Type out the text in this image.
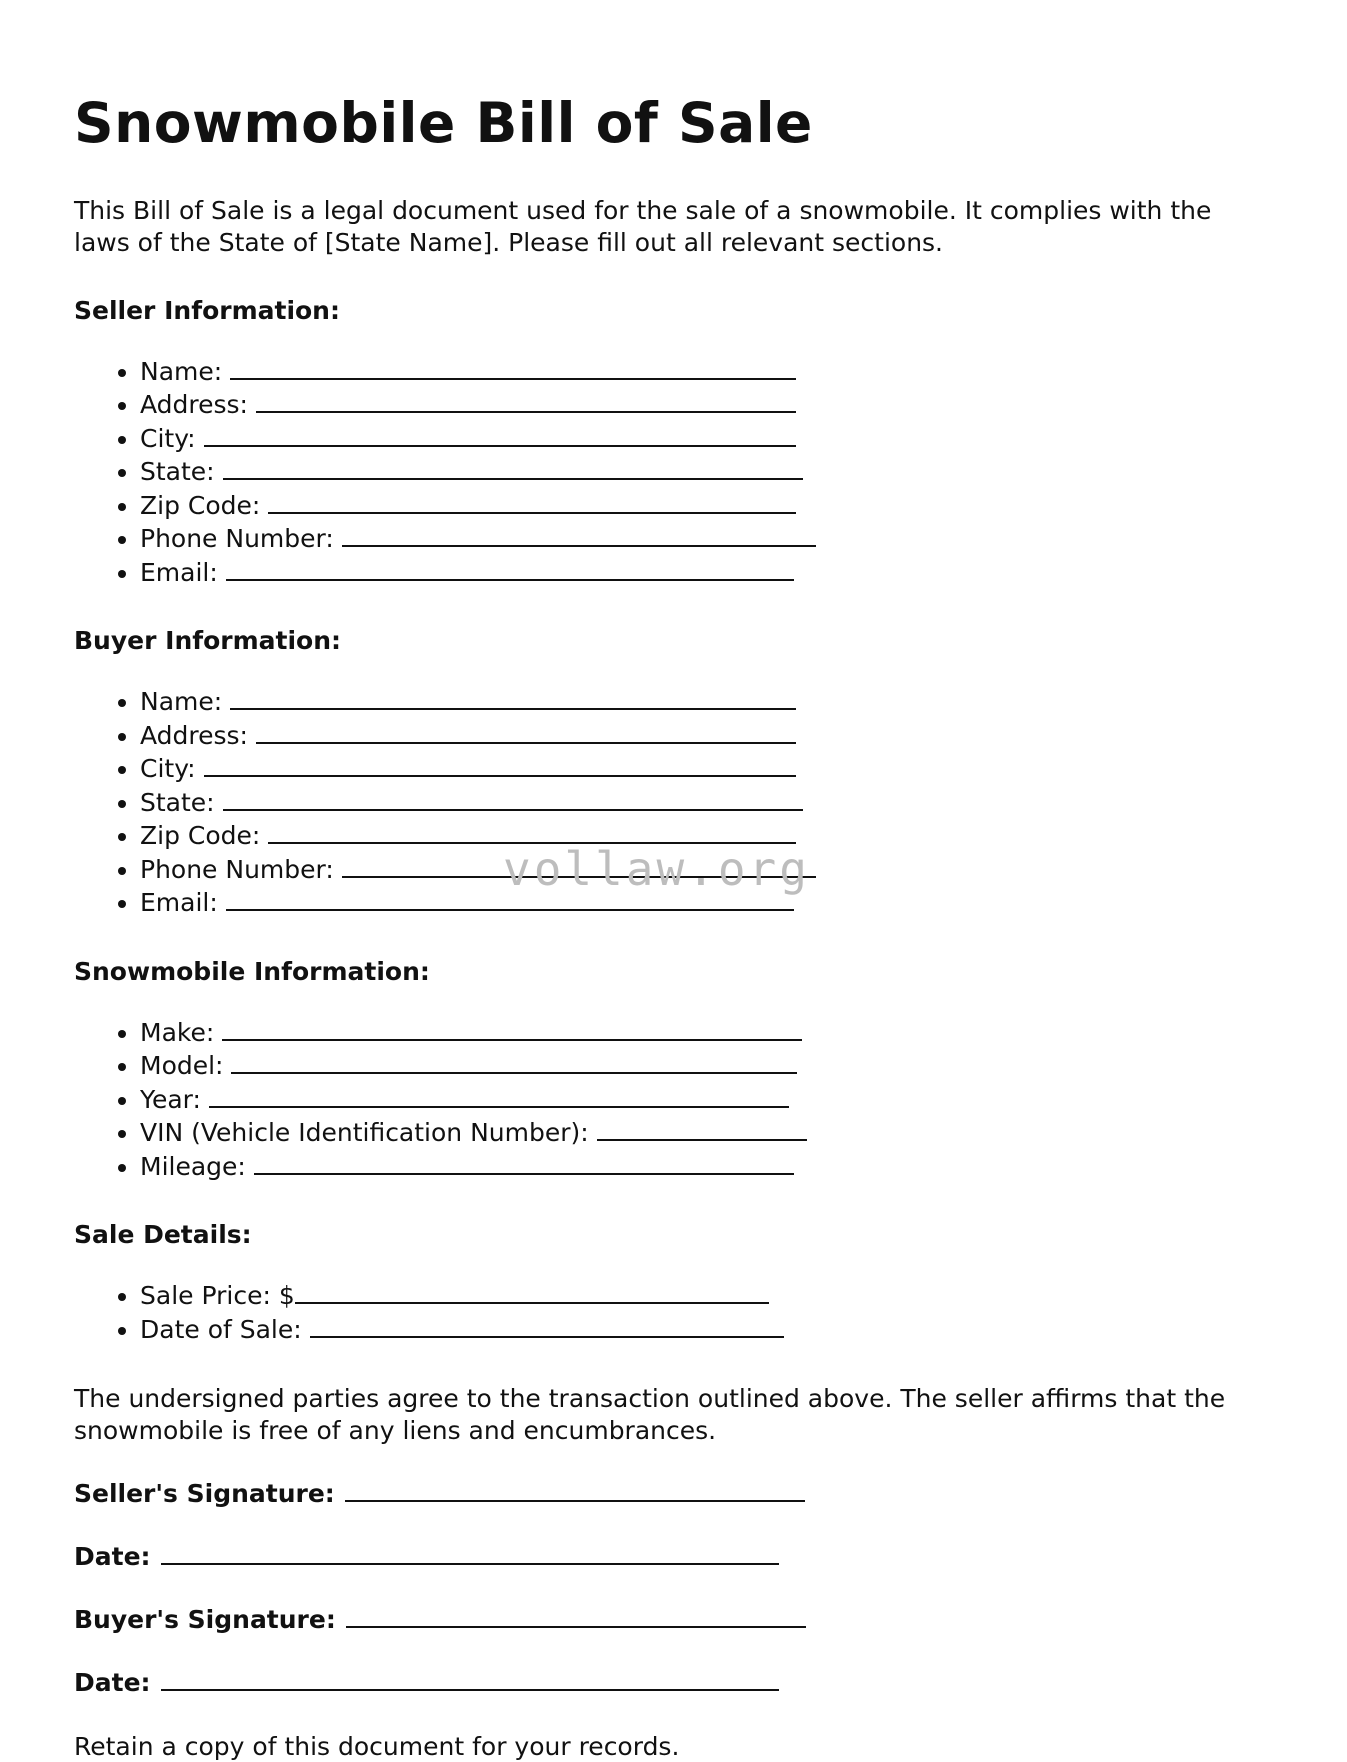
Snowmobile Bill of Sale

This Bill of Sale is a legal document used for the sale of a snowmobile. It complies with the laws of the State of [State Name]. Please fill out all relevant sections.

Seller Information:
• Name:
• Address:
• City:
• State:
• Zip Code:
• Phone Number:
• Email:
Buyer Information:
• Name:
• Address:
• City:
• State:
• Zip Code:
• Phone Number:
• Email:
Snowmobile Information:
• Make:
• Model:
• Year:
• VIN (Vehicle Identification Number):
• Mileage:
Sale Details:
• Sale Price: $
• Date of Sale:

The undersigned parties agree to the transaction outlined above. The seller affirms that the snowmobile is free of any liens and encumbrances.

Seller's Signature:
Date:
Buyer's Signature:
Date:

Retain a copy of this document for your records.

vollaw.org
